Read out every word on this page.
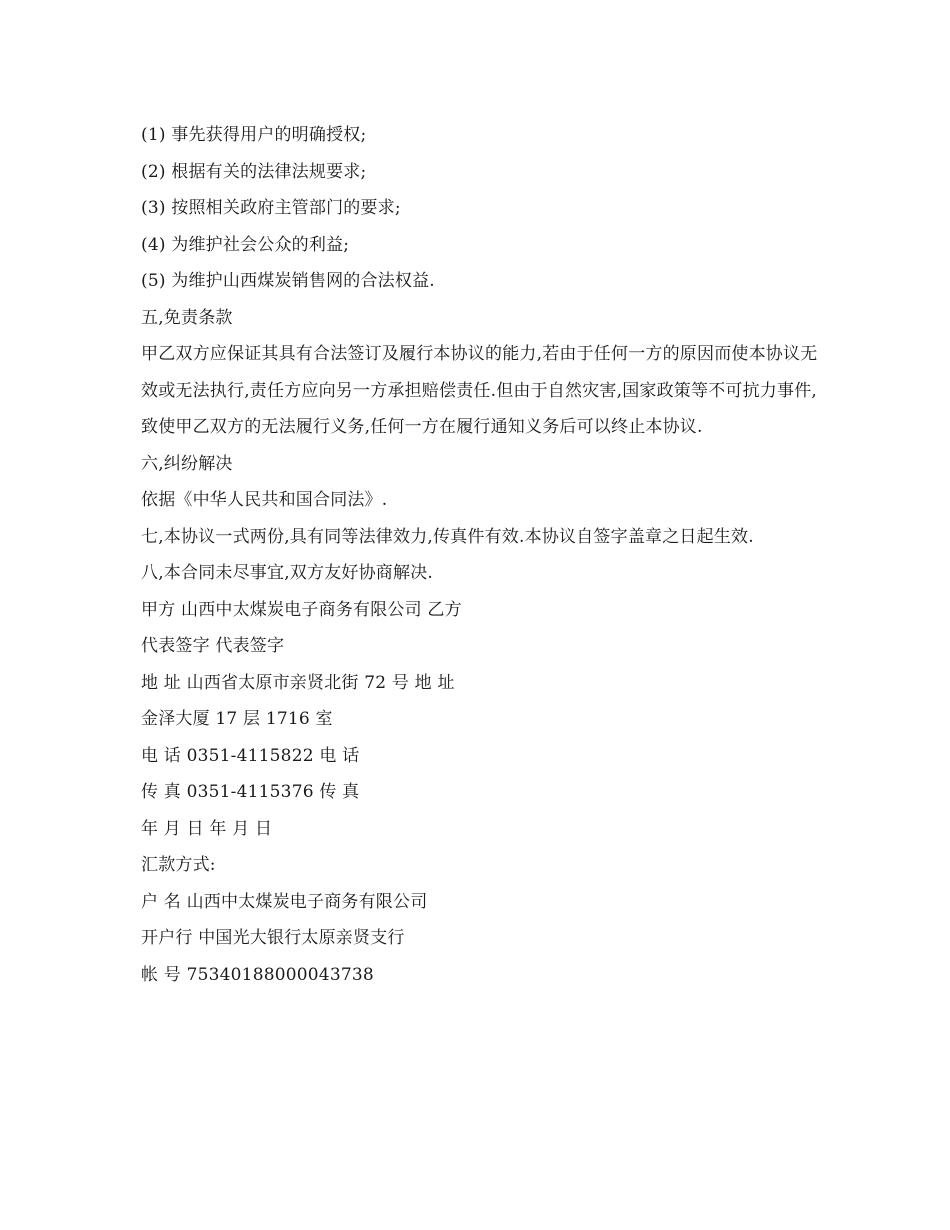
(1) 事先获得用户的明确授权;

(2) 根据有关的法律法规要求;

(3) 按照相关政府主管部门的要求;

(4) 为维护社会公众的利益;

(5) 为维护山西煤炭销售网的合法权益.

五,免责条款

甲乙双方应保证其具有合法签订及履行本协议的能力,若由于任何一方的原因而使本协议无效或无法执行,责任方应向另一方承担赔偿责任.但由于自然灾害,国家政策等不可抗力事件,致使甲乙双方的无法履行义务,任何一方在履行通知义务后可以终止本协议.

六,纠纷解决

依据《中华人民共和国合同法》.

七,本协议一式两份,具有同等法律效力,传真件有效.本协议自签字盖章之日起生效.

八,本合同未尽事宜,双方友好协商解决.

甲方 山西中太煤炭电子商务有限公司 乙方

代表签字 代表签字

地 址 山西省太原市亲贤北街 72 号 地 址

金泽大厦 17 层 1716 室

电 话 0351-4115822 电 话

传 真 0351-4115376 传 真

年 月 日 年 月 日

汇款方式:

户 名 山西中太煤炭电子商务有限公司

开户行 中国光大银行太原亲贤支行

帐 号 75340188000043738
